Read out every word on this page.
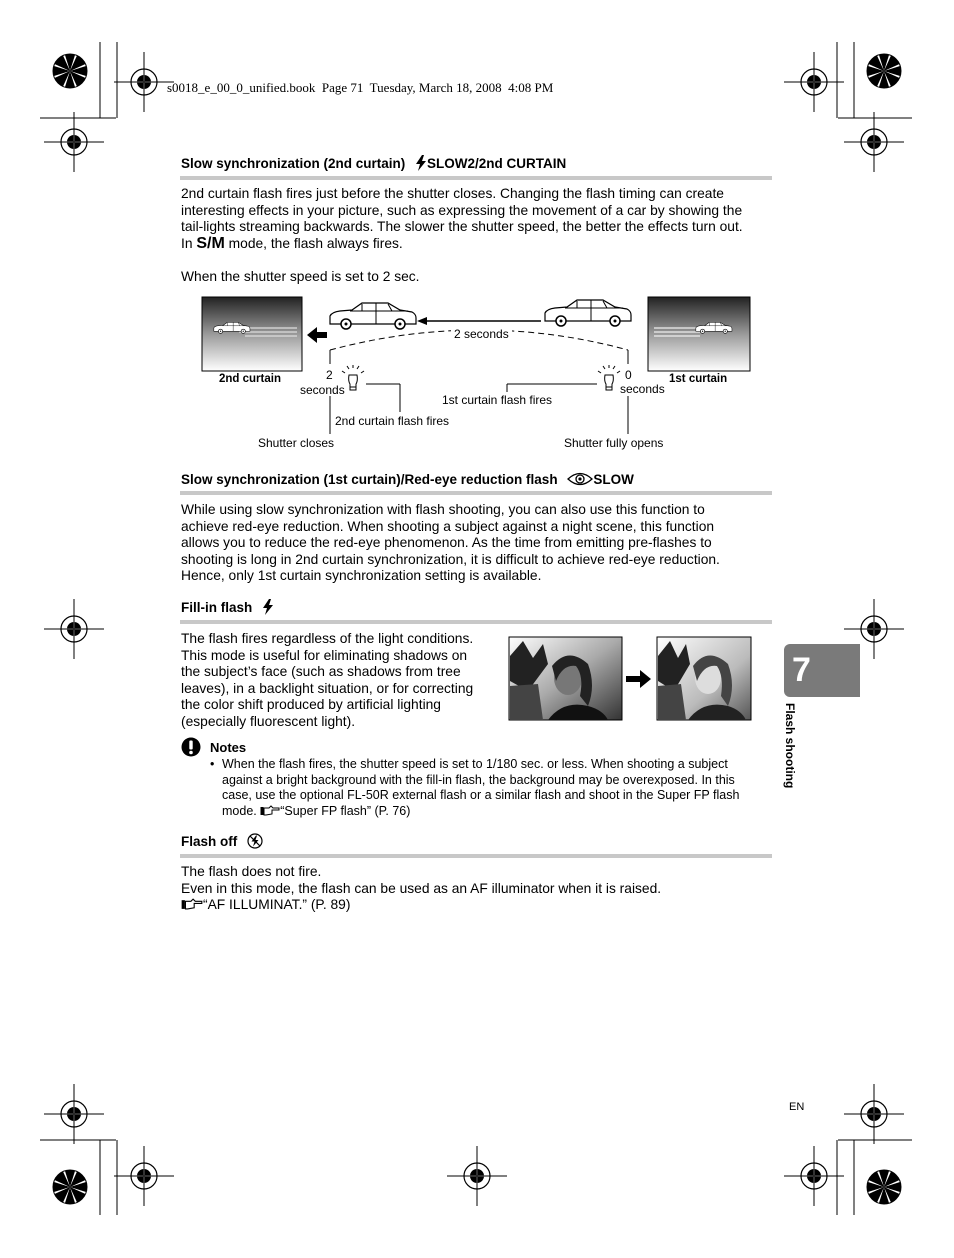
s0018_e_00_0_unified.book  Page 71  Tuesday, March 18, 2008  4:08 PM
Slow synchronization (2nd curtain) SLOW2/2nd CURTAIN
2nd curtain flash fires just before the shutter closes. Changing the flash timing can create
interesting effects in your picture, such as expressing the movement of a car by showing the
tail-lights streaming backwards. The slower the shutter speed, the better the effects turn out.
In S/M mode, the flash always fires.
When the shutter speed is set to 2 sec.
2nd curtain	1st curtain
2 seconds
2	0
seconds	seconds
1st curtain flash fires
2nd curtain flash fires
Shutter closes	Shutter fully opens
Slow synchronization (1st curtain)/Red-eye reduction flash	SLOW
While using slow synchronization with flash shooting, you can also use this function to
achieve red-eye reduction. When shooting a subject against a night scene, this function
allows you to reduce the red-eye phenomenon. As the time from emitting pre-flashes to
shooting is long in 2nd curtain synchronization, it is difficult to achieve red-eye reduction.
Hence, only 1st curtain synchronization setting is available.
Fill-in flash
The flash fires regardless of the light conditions.
This mode is useful for eliminating shadows on
the subject’s face (such as shadows from tree
leaves), in a backlight situation, or for correcting
the color shift produced by artificial lighting
(especially fluorescent light).
Notes
• When the flash fires, the shutter speed is set to 1/180 sec. or less. When shooting a subject
against a bright background with the fill-in flash, the background may be overexposed. In this
case, use the optional FL-50R external flash or a similar flash and shoot in the Super FP flash
mode. “Super FP flash” (P. 76)
Flash off
The flash does not fire.
Even in this mode, the flash can be used as an AF illuminator when it is raised.
“AF ILLUMINAT.” (P. 89)
7
Flash shooting
EN
